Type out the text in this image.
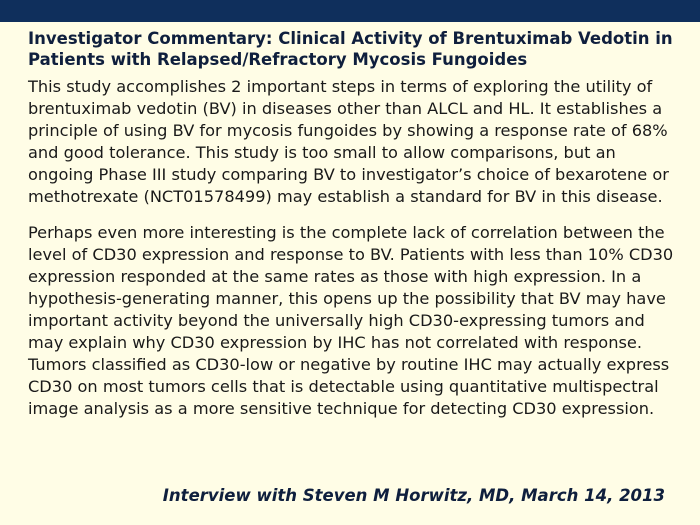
Investigator Commentary: Clinical Activity of Brentuximab Vedotin in Patients with Relapsed/Refractory Mycosis Fungoides

This study accomplishes 2 important steps in terms of exploring the utility of brentuximab vedotin (BV) in diseases other than ALCL and HL. It establishes a principle of using BV for mycosis fungoides by showing a response rate of 68% and good tolerance. This study is too small to allow comparisons, but an ongoing Phase III study comparing BV to investigator’s choice of bexarotene or methotrexate (NCT01578499) may establish a standard for BV in this disease.

Perhaps even more interesting is the complete lack of correlation between the level of CD30 expression and response to BV. Patients with less than 10% CD30 expression responded at the same rates as those with high expression. In a hypothesis-generating manner, this opens up the possibility that BV may have important activity beyond the universally high CD30-expressing tumors and may explain why CD30 expression by IHC has not correlated with response. Tumors classified as CD30-low or negative by routine IHC may actually express CD30 on most tumors cells that is detectable using quantitative multispectral image analysis as a more sensitive technique for detecting CD30 expression.

Interview with Steven M Horwitz, MD, March 14, 2013
